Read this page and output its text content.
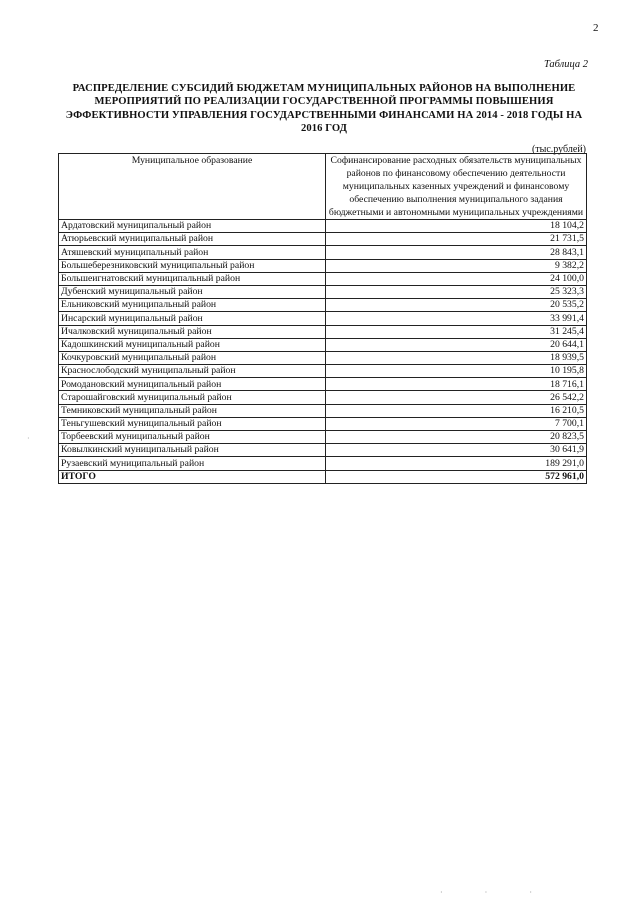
2
Таблица 2
РАСПРЕДЕЛЕНИЕ СУБСИДИЙ БЮДЖЕТАМ МУНИЦИПАЛЬНЫХ РАЙОНОВ НА ВЫПОЛНЕНИЕ МЕРОПРИЯТИЙ ПО РЕАЛИЗАЦИИ ГОСУДАРСТВЕННОЙ ПРОГРАММЫ ПОВЫШЕНИЯ ЭФФЕКТИВНОСТИ УПРАВЛЕНИЯ ГОСУДАРСТВЕННЫМИ ФИНАНСАМИ НА 2014 - 2018 ГОДЫ НА 2016 ГОД
(тыс.рублей)
Муниципальное образование	Софинансирование расходных обязательств муниципальных районов по финансовому обеспечению деятельности муниципальных казенных учреждений и финансовому обеспечению выполнения муниципального задания бюджетными и автономными муниципальных учреждениями
Ардатовский муниципальный район	18 104,2
Атюрьевский муниципальный район	21 731,5
Атяшевский муниципальный район	28 843,1
Большеберезниковский муниципальный район	9 382,2
Большеигнатовский муниципальный район	24 100,0
Дубенский муниципальный район	25 323,3
Ельниковский муниципальный район	20 535,2
Инсарский муниципальный район	33 991,4
Ичалковский муниципальный район	31 245,4
Кадошкинский муниципальный район	20 644,1
Кочкуровский муниципальный район	18 939,5
Краснослободский муниципальный район	10 195,8
Ромодановский муниципальный район	18 716,1
Старошайговский муниципальный район	26 542,2
Темниковский муниципальный район	16 210,5
Теньгушевский муниципальный район	7 700,1
Торбеевский муниципальный район	20 823,5
Ковылкинский муниципальный район	30 641,9
Рузаевский муниципальный район	189 291,0
ИТОГО	572 961,0
·
· · ·
